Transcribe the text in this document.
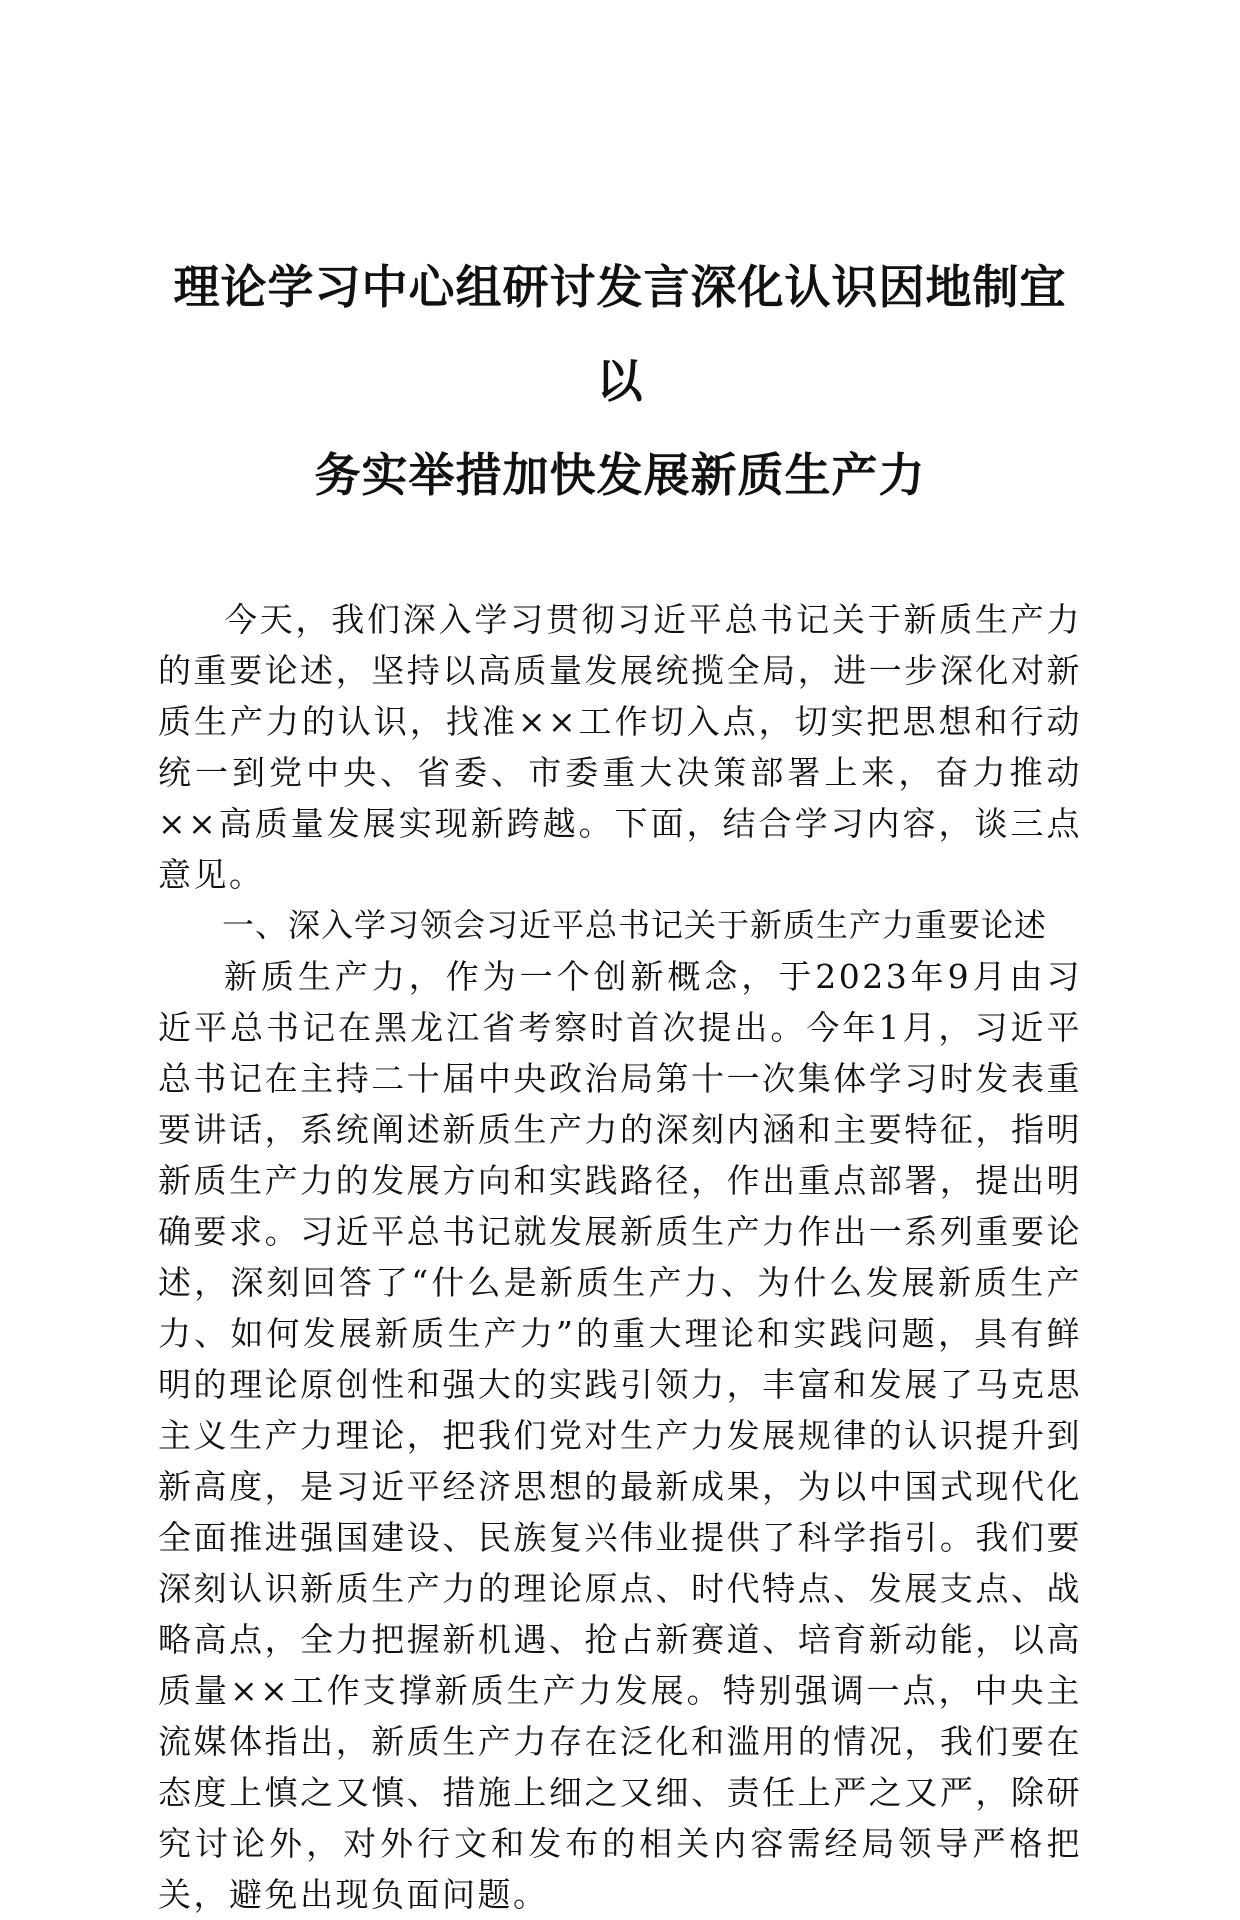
理论学习中心组研讨发言深化认识因地制宜以
务实举措加快发展新质生产力

今天，我们深入学习贯彻习近平总书记关于新质生产力的重要论述，坚持以高质量发展统揽全局，进一步深化对新质生产力的认识，找准××工作切入点，切实把思想和行动统一到党中央、省委、市委重大决策部署上来，奋力推动××高质量发展实现新跨越。下面，结合学习内容，谈三点意见。

一、深入学习领会习近平总书记关于新质生产力重要论述

新质生产力，作为一个创新概念，于2023年9月由习近平总书记在黑龙江省考察时首次提出。今年1月，习近平总书记在主持二十届中央政治局第十一次集体学习时发表重要讲话，系统阐述新质生产力的深刻内涵和主要特征，指明新质生产力的发展方向和实践路径，作出重点部署，提出明确要求。习近平总书记就发展新质生产力作出一系列重要论述，深刻回答了“什么是新质生产力、为什么发展新质生产力、如何发展新质生产力”的重大理论和实践问题，具有鲜明的理论原创性和强大的实践引领力，丰富和发展了马克思主义生产力理论，把我们党对生产力发展规律的认识提升到新高度，是习近平经济思想的最新成果，为以中国式现代化全面推进强国建设、民族复兴伟业提供了科学指引。我们要深刻认识新质生产力的理论原点、时代特点、发展支点、战略高点，全力把握新机遇、抢占新赛道、培育新动能，以高质量××工作支撑新质生产力发展。特别强调一点，中央主流媒体指出，新质生产力存在泛化和滥用的情况，我们要在态度上慎之又慎、措施上细之又细、责任上严之又严，除研究讨论外，对外行文和发布的相关内容需经局领导严格把关，避免出现负面问题。
